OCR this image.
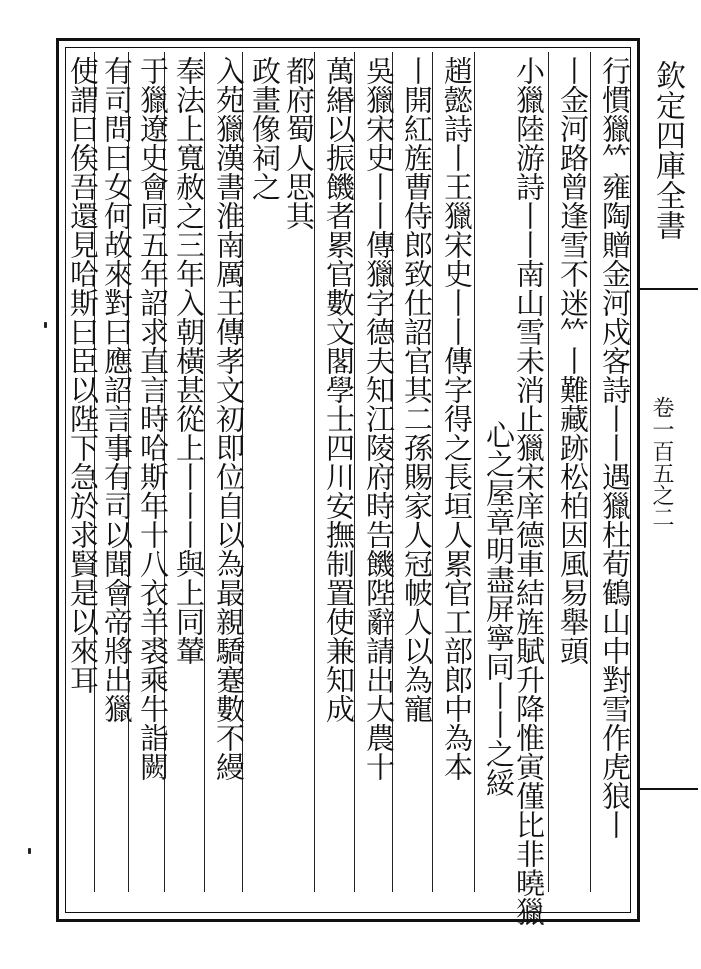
欽定四庫全書
卷一百五之二
行慣獵𥫗雍陶贈金河戍客詩丨丨遇獵杜荀鶴山中對雪作虎狼丨
丨金河路曾逢雪不迷𥫗丨難藏跡松柏因風易舉頭
小獵陸游詩丨丨南山雪未消止獵宋庠德車結旌賦升降惟寅僅比非曉獵
心之屋章明盡屏寧同丨丨之綏
趙懿詩丨王獵宋史丨丨傳字得之長垣人累官工部郎中為本
丨開紅旌曹侍郎致仕詔官其二孫賜家人冠帔人以為寵
吳獵宋史丨丨傳獵字德夫知江陵府時告饑陛辭請出大農十
萬緡以振饑者累官數文閣學士四川安撫制置使兼知成
都府蜀人思其
政畫像祠之
入苑獵漢書淮南厲王傳孝文初即位自以為最親驕蹇數不縵
奉法上寬赦之三年入朝橫甚從上丨丨丨與上同輦
于獵遼史會同五年詔求直言時哈斯年十八衣羊裘乘牛詣闕
有司問曰女何故來對曰應詔言事有司以聞會帝將出獵
使謂曰俟吾還見哈斯曰臣以陛下急於求賢是以來耳
